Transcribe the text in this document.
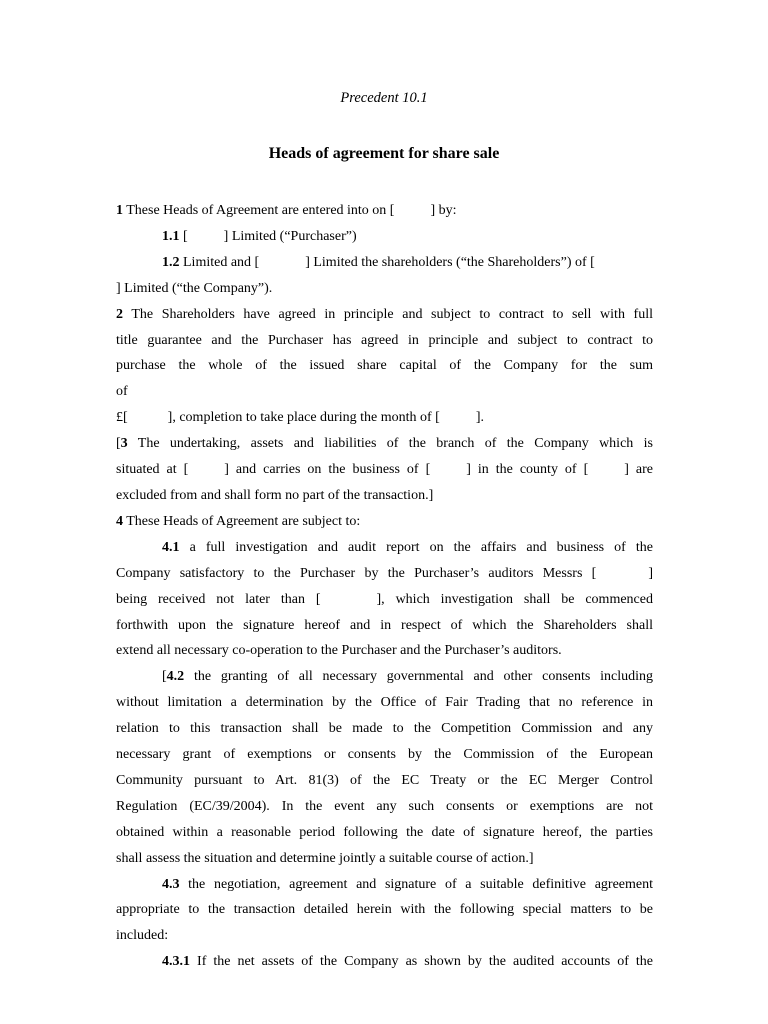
Precedent 10.1
Heads of agreement for share sale

1 These Heads of Agreement are entered into on [	] by:

1.1 [	] Limited (“Purchaser”)

1.2 Limited and [	] Limited the shareholders (“the Shareholders”) of [

] Limited (“the Company”).

2 The Shareholders have agreed in principle and subject to contract to sell with full

title guarantee and the Purchaser has agreed in principle and subject to contract to

purchase the whole of the issued share capital of the Company for the sum

of

£[	], completion to take place during the month of [	].

[3 The undertaking, assets and liabilities of the branch of the Company which is

situated at [	] and carries on the business of [	] in the county of [	] are

excluded from and shall form no part of the transaction.]

4 These Heads of Agreement are subject to:

4.1 a full investigation and audit report on the affairs and business of the

Company satisfactory to the Purchaser by the Purchaser’s auditors Messrs [	]

being received not later than [	], which investigation shall be commenced

forthwith upon the signature hereof and in respect of which the Shareholders shall

extend all necessary co-operation to the Purchaser and the Purchaser’s auditors.

[4.2 the granting of all necessary governmental and other consents including

without limitation a determination by the Office of Fair Trading that no reference in

relation to this transaction shall be made to the Competition Commission and any

necessary grant of exemptions or consents by the Commission of the European

Community pursuant to Art. 81(3) of the EC Treaty or the EC Merger Control

Regulation (EC/39/2004). In the event any such consents or exemptions are not

obtained within a reasonable period following the date of signature hereof, the parties

shall assess the situation and determine jointly a suitable course of action.]

4.3 the negotiation, agreement and signature of a suitable definitive agreement

appropriate to the transaction detailed herein with the following special matters to be

included:

4.3.1 If the net assets of the Company as shown by the audited accounts of the
